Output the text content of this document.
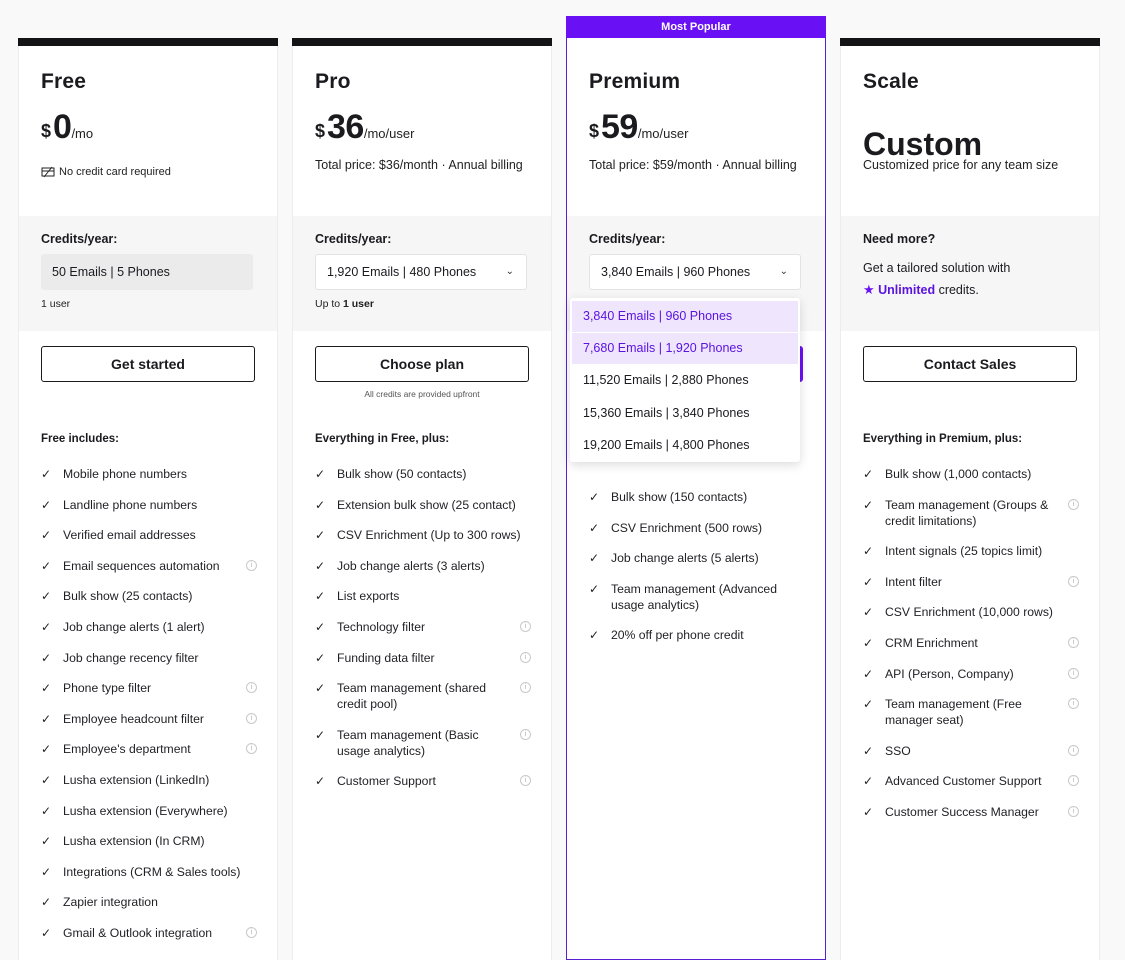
Free
$ 0 /mo
No credit card required
Credits/year:
50 Emails | 5 Phones
1 user
Get started
Free includes:
✓ Mobile phone numbers
✓ Landline phone numbers
✓ Verified email addresses
✓ Email sequences automation	i
✓ Bulk show (25 contacts)
✓ Job change alerts (1 alert)
✓ Job change recency filter
✓ Phone type filter	i
✓ Employee headcount filter	i
✓ Employee's department	i
✓ Lusha extension (LinkedIn)
✓ Lusha extension (Everywhere)
✓ Lusha extension (In CRM)
✓ Integrations (CRM & Sales tools)
✓ Zapier integration
✓ Gmail & Outlook integration	i
Pro
$ 36 /mo/user
Total price: $36/month · Annual billing
Credits/year:
1,920 Emails | 480 Phones	⌄
Up to 1 user
Choose plan
All credits are provided upfront
Everything in Free, plus:
✓ Bulk show (50 contacts)
✓ Extension bulk show (25 contact)
✓ CSV Enrichment (Up to 300 rows)
✓ Job change alerts (3 alerts)
✓ List exports
✓ Technology filter	i
✓ Funding data filter	i
✓ Team management (shared credit pool)
i
✓ Team management (Basic usage analytics)
i
✓ Customer Support	i
Most Popular
Premium
$ 59 /mo/user
Total price: $59/month · Annual billing
Credits/year:
3,840 Emails | 960 Phones	⌄
✓ Bulk show (150 contacts)
✓ CSV Enrichment (500 rows)
✓ Job change alerts (5 alerts)
✓ Team management (Advanced usage analytics)
✓ 20% off per phone credit
Scale
Custom
Customized price for any team size
Need more?
Get a tailored solution with
★ Unlimited credits.
Contact Sales
Everything in Premium, plus:
✓ Bulk show (1,000 contacts)
✓ Team management (Groups & credit limitations)
i
✓ Intent signals (25 topics limit)
✓ Intent filter	i
✓ CSV Enrichment (10,000 rows)
✓ CRM Enrichment	i
✓ API (Person, Company)	i
✓ Team management (Free manager seat)
i
✓ SSO	i
✓ Advanced Customer Support	i
✓ Customer Success Manager	i
3,840 Emails | 960 Phones
7,680 Emails | 1,920 Phones
11,520 Emails | 2,880 Phones
15,360 Emails | 3,840 Phones
19,200 Emails | 4,800 Phones
